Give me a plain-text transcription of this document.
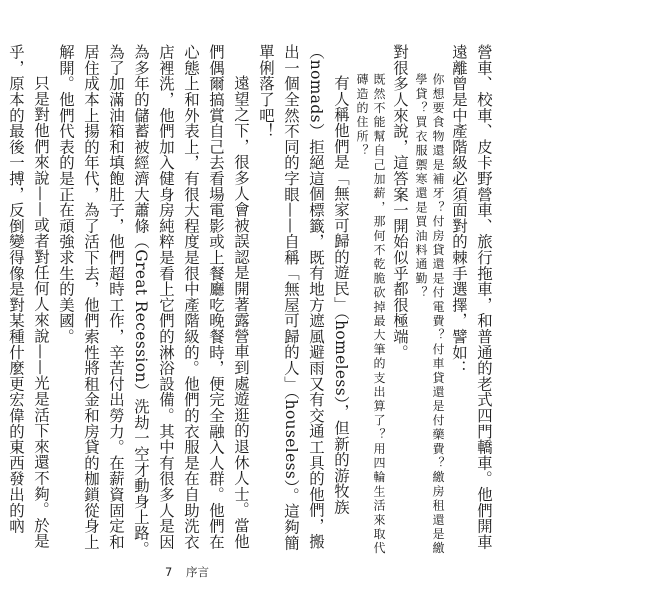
營車、校車、皮卡野營車、旅行拖車，和普通的老式四門轎車。他們開車遠離曾是中產階級必須面對的棘手選擇，譬如：

你想要食物還是補牙？付房貸還是付電費？付車貸還是付藥費？繳房租還是繳學貸？買衣服禦寒還是買油料通勤？

對很多人來說，這答案一開始似乎都很極端。

既然不能幫自己加薪，那何不乾脆砍掉最大筆的支出算了？用四輪生活來取代磚造的住所？

有人稱他們是「無家可歸的遊民」（homeless），但新的游牧族（nomads）拒絕這個標籤，既有地方遮風避雨又有交通工具的他們，搬出一個全然不同的字眼——自稱「無屋可歸的人」（houseless）。這夠簡單俐落了吧！

遠望之下，很多人會被誤認是開著露營車到處遊逛的退休人士。當他們偶爾搞賞自己去看場電影或上餐廳吃晚餐時，便完全融入人群。他們在心態上和外表上，有很大程度是很中產階級的。他們的衣服是在自助洗衣店裡洗，他們加入健身房純粹是看上它們的淋浴設備。其中有很多人是因為多年的儲蓄被經濟大蕭條（Great Recession）洗劫一空才動身上路。為了加滿油箱和填飽肚子，他們超時工作，辛苦付出勞力。在薪資固定和居住成本上揚的年代，為了活下去，他們索性將租金和房貸的枷鎖從身上解開。他們代表的是正在頑強求生的美國。

只是對他們來說——或者對任何人來說——光是活下來還不夠。於是乎，原本的最後一搏，反倒變得像是對某種什麼更宏偉的東西發出的吶

7 序言
